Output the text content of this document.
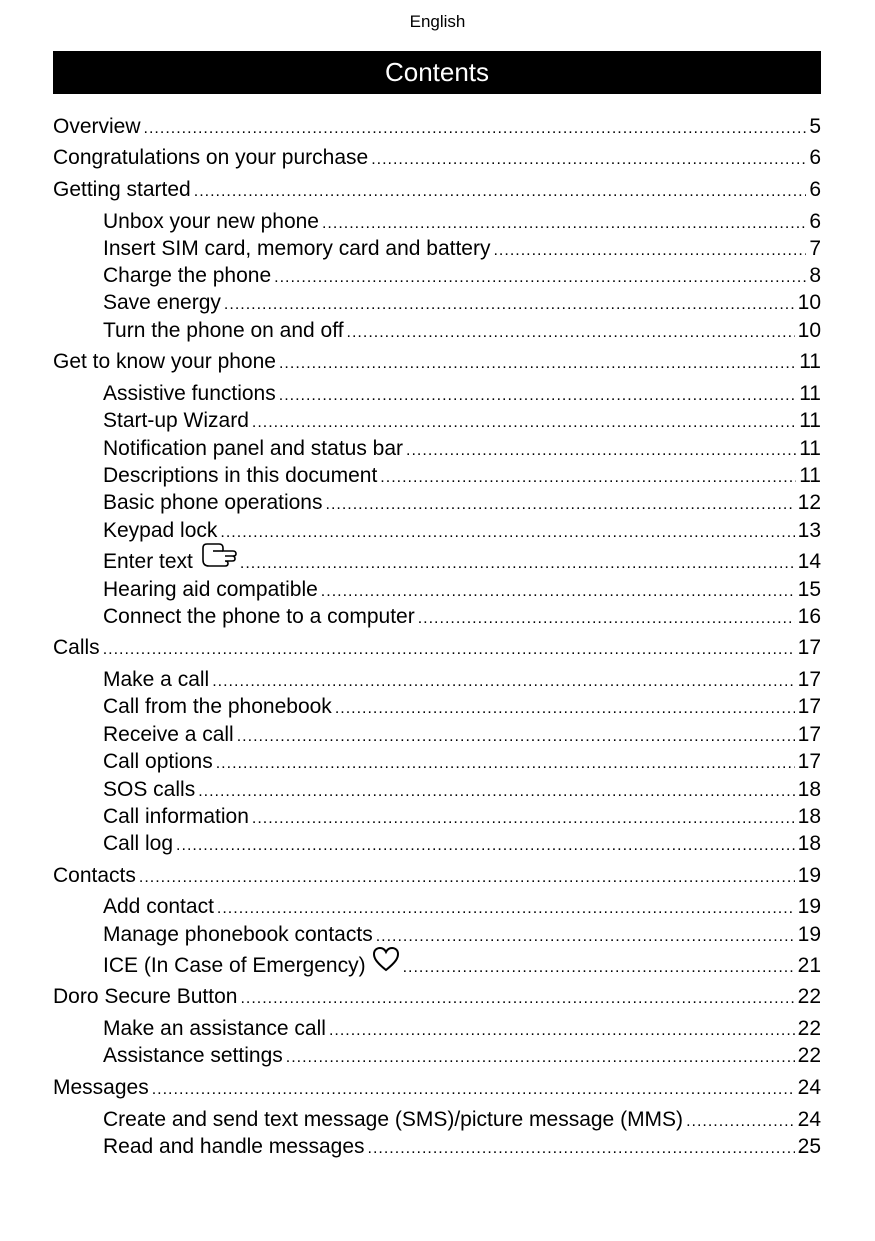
English
Contents
Overview .....	5
Congratulations on your purchase .....	6
Getting started .....	6
Unbox your new phone .....	6
Insert SIM card, memory card and battery .....	7
Charge the phone .....	8
Save energy .....	10
Turn the phone on and off .....	10
Get to know your phone .....	11
Assistive functions .....	11
Start-up Wizard .....	11
Notification panel and status bar .....	11
Descriptions in this document .....	11
Basic phone operations .....	12
Keypad lock .....	13
Enter text .....	14
Hearing aid compatible .....	15
Connect the phone to a computer .....	16
Calls .....	17
Make a call .....	17
Call from the phonebook .....	17
Receive a call .....	17
Call options .....	17
SOS calls .....	18
Call information .....	18
Call log .....	18
Contacts .....	19
Add contact .....	19
Manage phonebook contacts .....	19
ICE (In Case of Emergency) .....	21
Doro Secure Button .....	22
Make an assistance call .....	22
Assistance settings .....	22
Messages .....	24
Create and send text message (SMS)/picture message (MMS) .....	24
Read and handle messages .....	25
